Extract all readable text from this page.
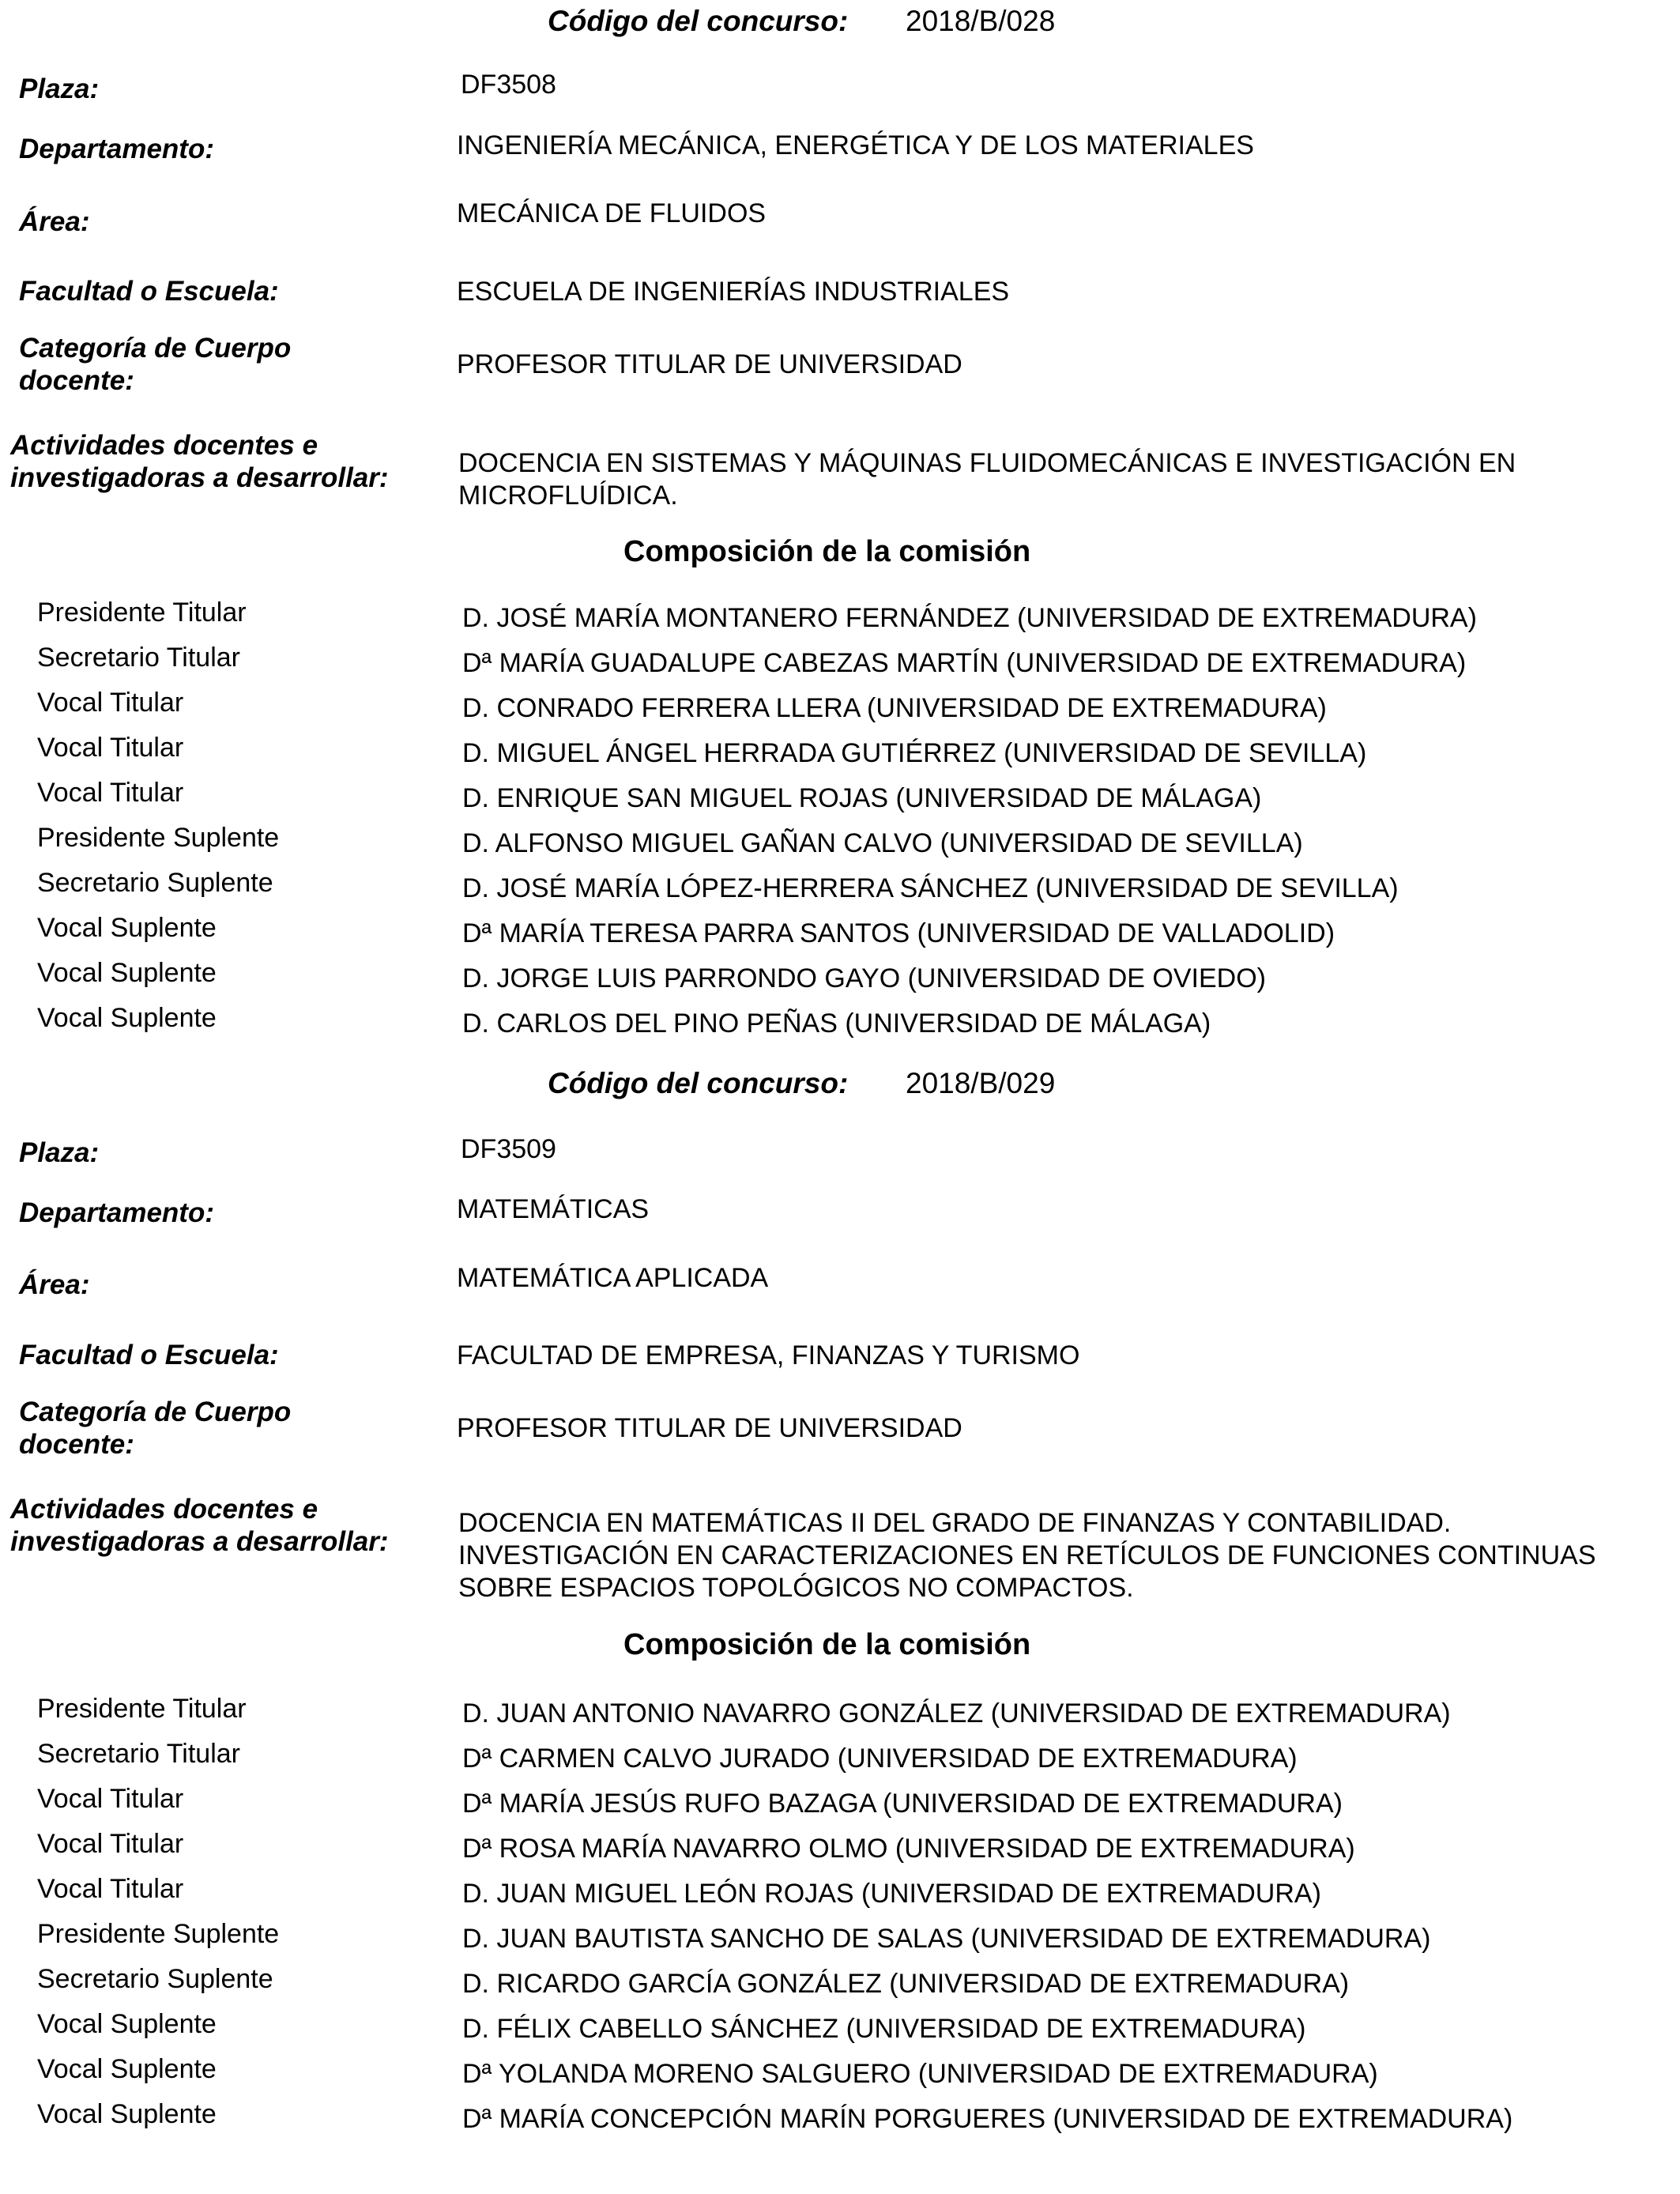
Código del concurso: 2018/B/028
Plaza:	DF3508
Departamento:	INGENIERÍA MECÁNICA, ENERGÉTICA Y DE LOS MATERIALES
Área:	MECÁNICA DE FLUIDOS
Facultad o Escuela:	ESCUELA DE INGENIERÍAS INDUSTRIALES
Categoría de Cuerpo docente:
PROFESOR TITULAR DE UNIVERSIDAD
Actividades docentes e investigadoras a desarrollar:	DOCENCIA EN SISTEMAS Y MÁQUINAS FLUIDOMECÁNICAS E INVESTIGACIÓN EN MICROFLUÍDICA.
Composición de la comisión
Presidente Titular	D. JOSÉ MARÍA MONTANERO FERNÁNDEZ (UNIVERSIDAD DE EXTREMADURA)
Secretario Titular	Dª MARÍA GUADALUPE CABEZAS MARTÍN (UNIVERSIDAD DE EXTREMADURA)
Vocal Titular	D. CONRADO FERRERA LLERA (UNIVERSIDAD DE EXTREMADURA)
Vocal Titular	D. MIGUEL ÁNGEL HERRADA GUTIÉRREZ (UNIVERSIDAD DE SEVILLA)
Vocal Titular	D. ENRIQUE SAN MIGUEL ROJAS (UNIVERSIDAD DE MÁLAGA)
Presidente Suplente	D. ALFONSO MIGUEL GAÑAN CALVO (UNIVERSIDAD DE SEVILLA)
Secretario Suplente	D. JOSÉ MARÍA LÓPEZ-HERRERA SÁNCHEZ (UNIVERSIDAD DE SEVILLA)
Vocal Suplente	Dª MARÍA TERESA PARRA SANTOS (UNIVERSIDAD DE VALLADOLID)
Vocal Suplente	D. JORGE LUIS PARRONDO GAYO (UNIVERSIDAD DE OVIEDO)
Vocal Suplente	D. CARLOS DEL PINO PEÑAS (UNIVERSIDAD DE MÁLAGA)
Código del concurso: 2018/B/029
Plaza:	DF3509
Departamento:	MATEMÁTICAS
Área:	MATEMÁTICA APLICADA
Facultad o Escuela:	FACULTAD DE EMPRESA, FINANZAS Y TURISMO
Categoría de Cuerpo docente:
PROFESOR TITULAR DE UNIVERSIDAD
Actividades docentes e investigadoras a desarrollar:
DOCENCIA EN MATEMÁTICAS II DEL GRADO DE FINANZAS Y CONTABILIDAD. INVESTIGACIÓN EN CARACTERIZACIONES EN RETÍCULOS DE FUNCIONES CONTINUAS SOBRE ESPACIOS TOPOLÓGICOS NO COMPACTOS.
Composición de la comisión
Presidente Titular	D. JUAN ANTONIO NAVARRO GONZÁLEZ (UNIVERSIDAD DE EXTREMADURA)
Secretario Titular	Dª CARMEN CALVO JURADO (UNIVERSIDAD DE EXTREMADURA)
Vocal Titular	Dª MARÍA JESÚS RUFO BAZAGA (UNIVERSIDAD DE EXTREMADURA)
Vocal Titular	Dª ROSA MARÍA NAVARRO OLMO (UNIVERSIDAD DE EXTREMADURA)
Vocal Titular	D. JUAN MIGUEL LEÓN ROJAS (UNIVERSIDAD DE EXTREMADURA)
Presidente Suplente	D. JUAN BAUTISTA SANCHO DE SALAS (UNIVERSIDAD DE EXTREMADURA)
Secretario Suplente	D. RICARDO GARCÍA GONZÁLEZ (UNIVERSIDAD DE EXTREMADURA)
Vocal Suplente	D. FÉLIX CABELLO SÁNCHEZ (UNIVERSIDAD DE EXTREMADURA)
Vocal Suplente	Dª YOLANDA MORENO SALGUERO (UNIVERSIDAD DE EXTREMADURA)
Vocal Suplente	Dª MARÍA CONCEPCIÓN MARÍN PORGUERES (UNIVERSIDAD DE EXTREMADURA)
